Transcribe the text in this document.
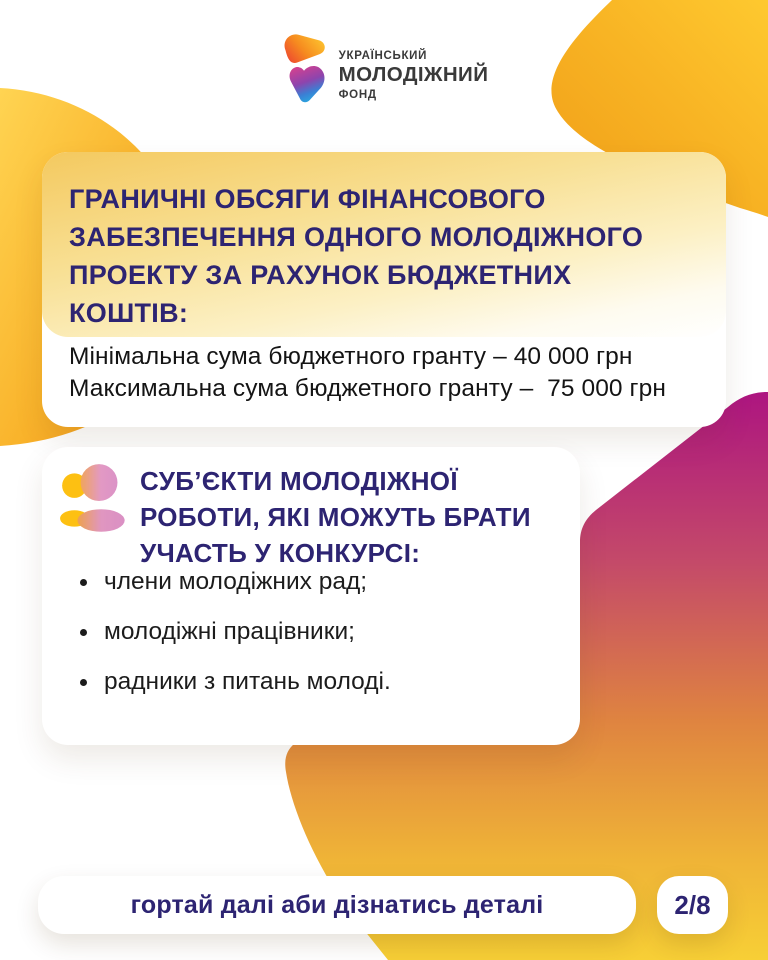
УКРАЇНСЬКИЙ
МОЛОДІЖНИЙ
ФОНД
ГРАНИЧНІ ОБСЯГИ ФІНАНСОВОГО
ЗАБЕЗПЕЧЕННЯ ОДНОГО МОЛОДІЖНОГО
ПРОЕКТУ ЗА РАХУНОК БЮДЖЕТНИХ
КОШТІВ:
Мінімальна сума бюджетного гранту – 40 000 грн
Максимальна сума бюджетного гранту –  75 000 грн
СУБ’ЄКТИ МОЛОДІЖНОЇ
РОБОТИ, ЯКІ МОЖУТЬ БРАТИ
УЧАСТЬ У КОНКУРСІ:
члени молодіжних рад;
молодіжні працівники;
радники з питань молоді.
гортай далі аби дізнатись деталі	2/8
